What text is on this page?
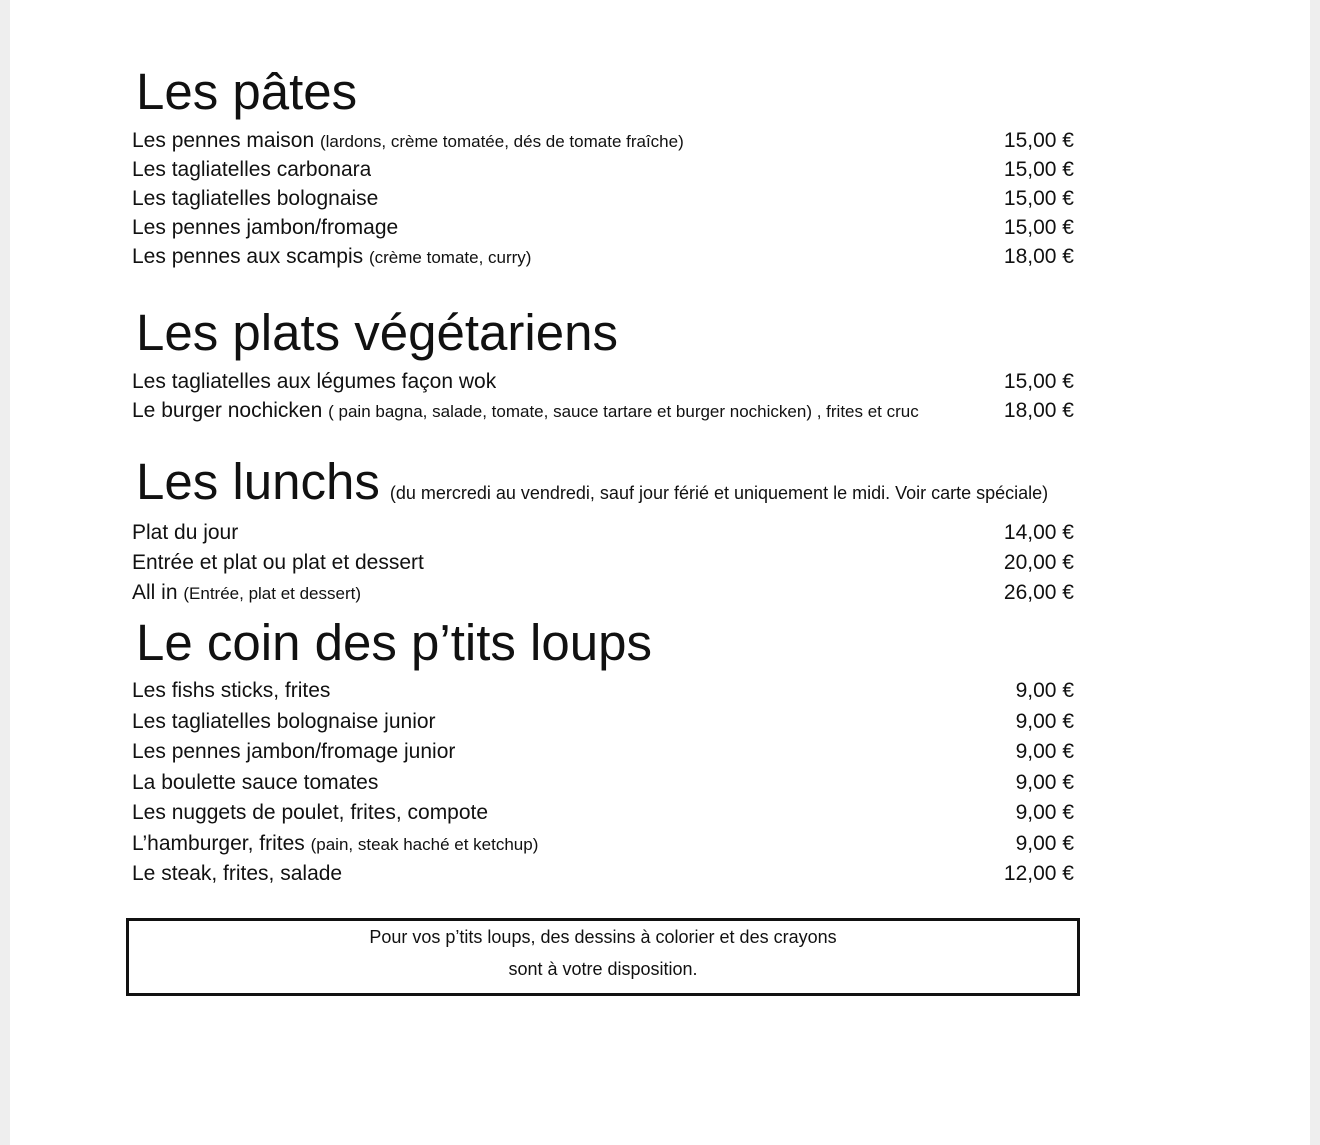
Les pâtes
Les pennes maison (lardons, crème tomatée, dés de tomate fraîche)	15,00 €
Les tagliatelles carbonara	15,00 €
Les tagliatelles bolognaise	15,00 €
Les pennes jambon/fromage	15,00 €
Les pennes aux scampis (crème tomate, curry)	18,00 €
Les plats végétariens
Les tagliatelles aux légumes façon wok	15,00 €
Le burger nochicken ( pain bagna, salade, tomate, sauce tartare et burger nochicken) , frites et cruc	18,00 €
Les lunchs (du mercredi au vendredi, sauf jour férié et uniquement le midi. Voir carte spéciale)
Plat du jour	14,00 €
Entrée et plat ou plat et dessert	20,00 €
All in (Entrée, plat et dessert)	26,00 €
Le coin des p’tits loups
Les fishs sticks, frites	9,00 €
Les tagliatelles bolognaise junior	9,00 €
Les pennes jambon/fromage junior	9,00 €
La boulette sauce tomates	9,00 €
Les nuggets de poulet, frites, compote	9,00 €
L’hamburger, frites (pain, steak haché et ketchup)	9,00 €
Le steak, frites, salade	12,00 €
Pour vos p’tits loups, des dessins à colorier et des crayons
sont à votre disposition.
